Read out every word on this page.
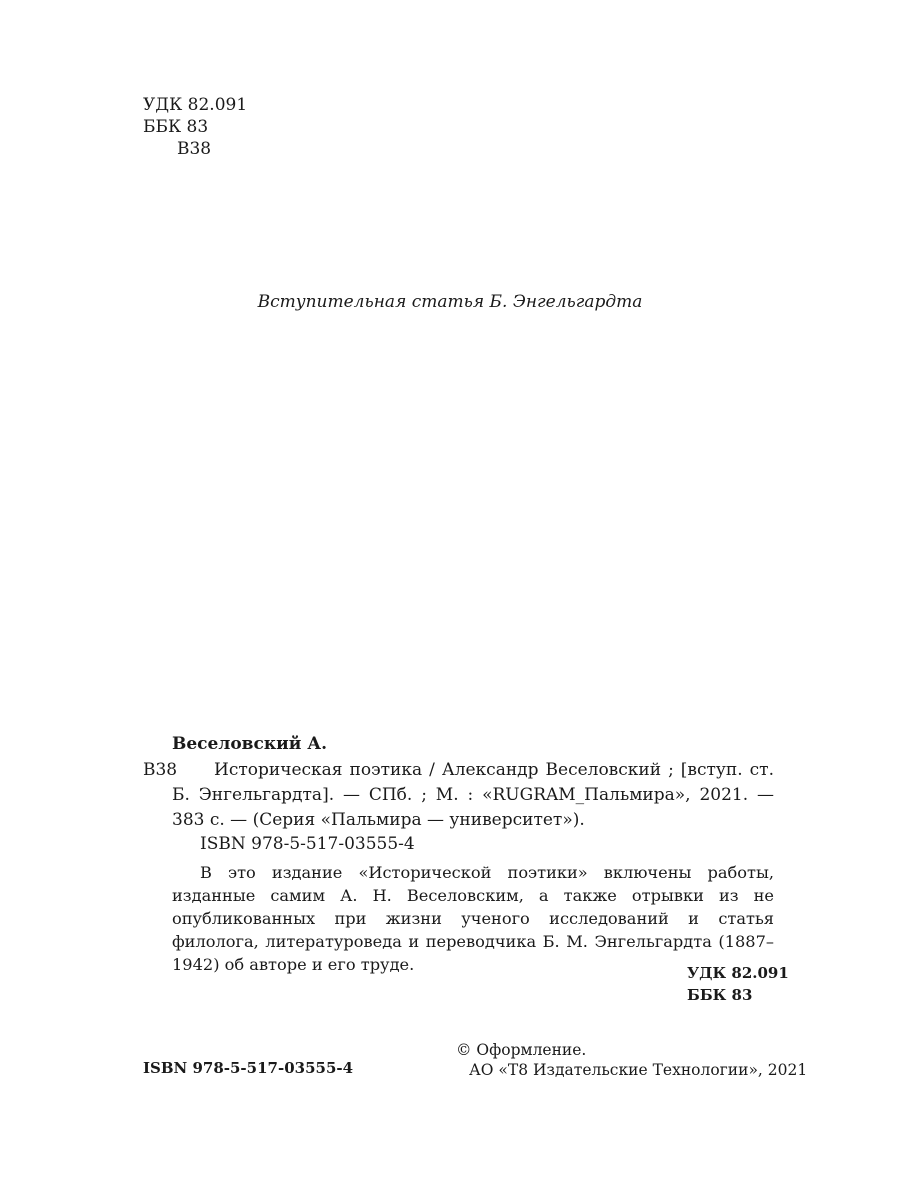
УДК 82.091
ББК 83
В38
Вступительная статья Б. Энгельгардта
Веселовский А.
В38	Историческая поэтика / Александр Веселовский ; [вступ. ст. Б. Энгельгардта]. — СПб. ; М. : «RUGRAM_Пальмира», 2021. — 383 с. — (Серия «Пальмира — университет»).
ISBN 978-5-517-03555-4
В это издание «Исторической поэтики» включены работы, изданные самим А. Н. Веселовским, а также отрывки из не опубликованных при жизни ученого исследований и статья филолога, литературоведа и переводчика Б. М. Энгельгардта (1887–1942) об авторе и его труде.	УДК 82.091
ББК 83
ISBN 978-5-517-03555-4
© Оформление.
АО «Т8 Издательские Технологии», 2021
